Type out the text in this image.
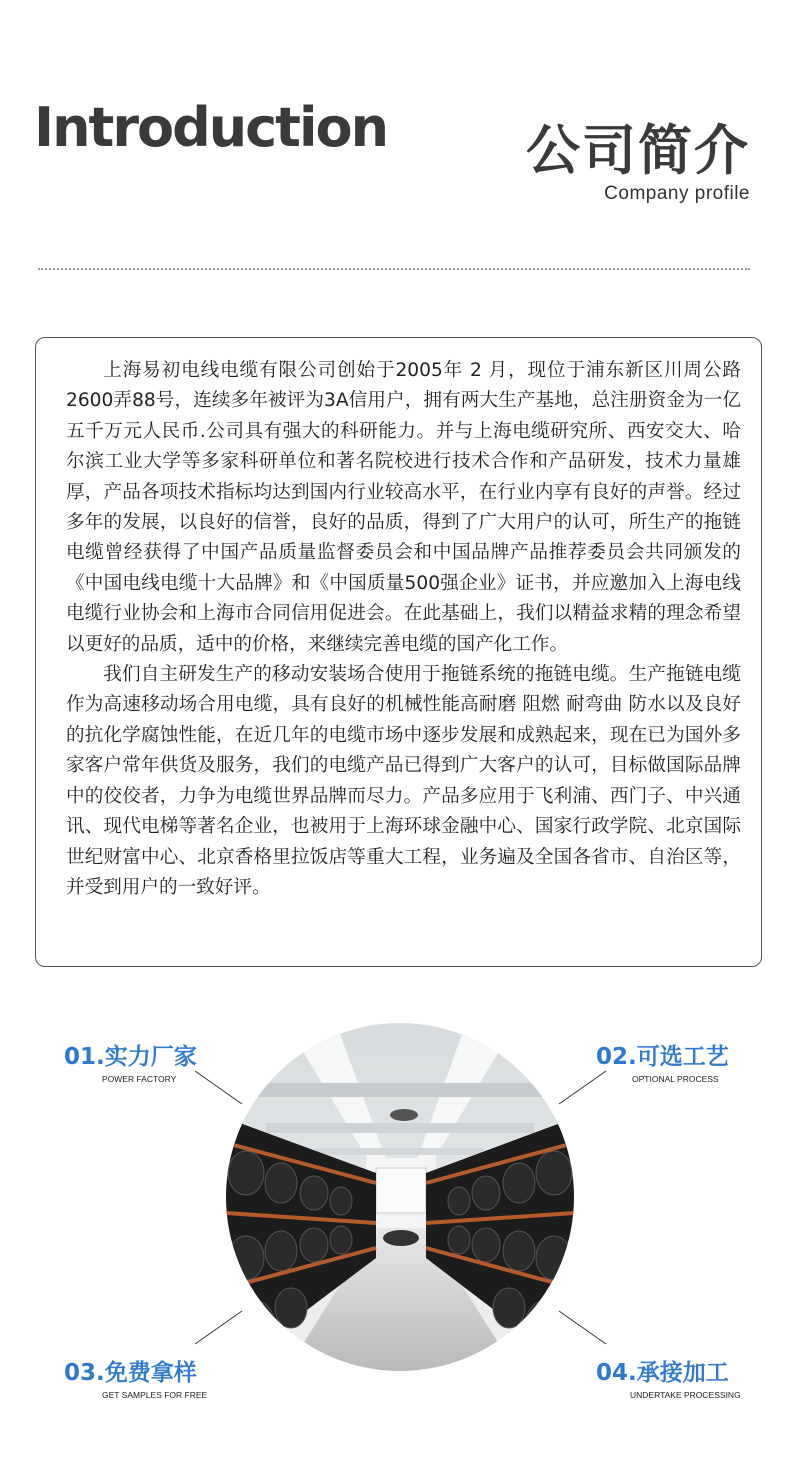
Introduction	公司简介
Company profile

上海易初电线电缆有限公司创始于2005年 2 月，现位于浦东新区川周公路2600弄88号，连续多年被评为3A信用户，拥有两大生产基地，总注册资金为一亿五千万元人民币.公司具有强大的科研能力。并与上海电缆研究所、西安交大、哈尔滨工业大学等多家科研单位和著名院校进行技术合作和产品研发，技术力量雄厚，产品各项技术指标均达到国内行业较高水平，在行业内享有良好的声誉。经过多年的发展，以良好的信誉，良好的品质，得到了广大用户的认可，所生产的拖链电缆曾经获得了中国产品质量监督委员会和中国品牌产品推荐委员会共同颁发的《中国电线电缆十大品牌》和《中国质量500强企业》证书，并应邀加入上海电线电缆行业协会和上海市合同信用促进会。在此基础上，我们以精益求精的理念希望以更好的品质，适中的价格，来继续完善电缆的国产化工作。

我们自主研发生产的移动安装场合使用于拖链系统的拖链电缆。生产拖链电缆作为高速移动场合用电缆，具有良好的机械性能高耐磨 阻燃 耐弯曲 防水以及良好的抗化学腐蚀性能，在近几年的电缆市场中逐步发展和成熟起来，现在已为国外多家客户常年供货及服务，我们的电缆产品已得到广大客户的认可，目标做国际品牌中的佼佼者，力争为电缆世界品牌而尽力。产品多应用于飞利浦、西门子、中兴通讯、现代电梯等著名企业，也被用于上海环球金融中心、国家行政学院、北京国际世纪财富中心、北京香格里拉饭店等重大工程，业务遍及全国各省市、自治区等，并受到用户的一致好评。

01.实力厂家
POWER FACTORY
02.可选工艺
OPTIONAL PROCESS
03.免费拿样
GET SAMPLES FOR FREE
04.承接加工
UNDERTAKE PROCESSING
